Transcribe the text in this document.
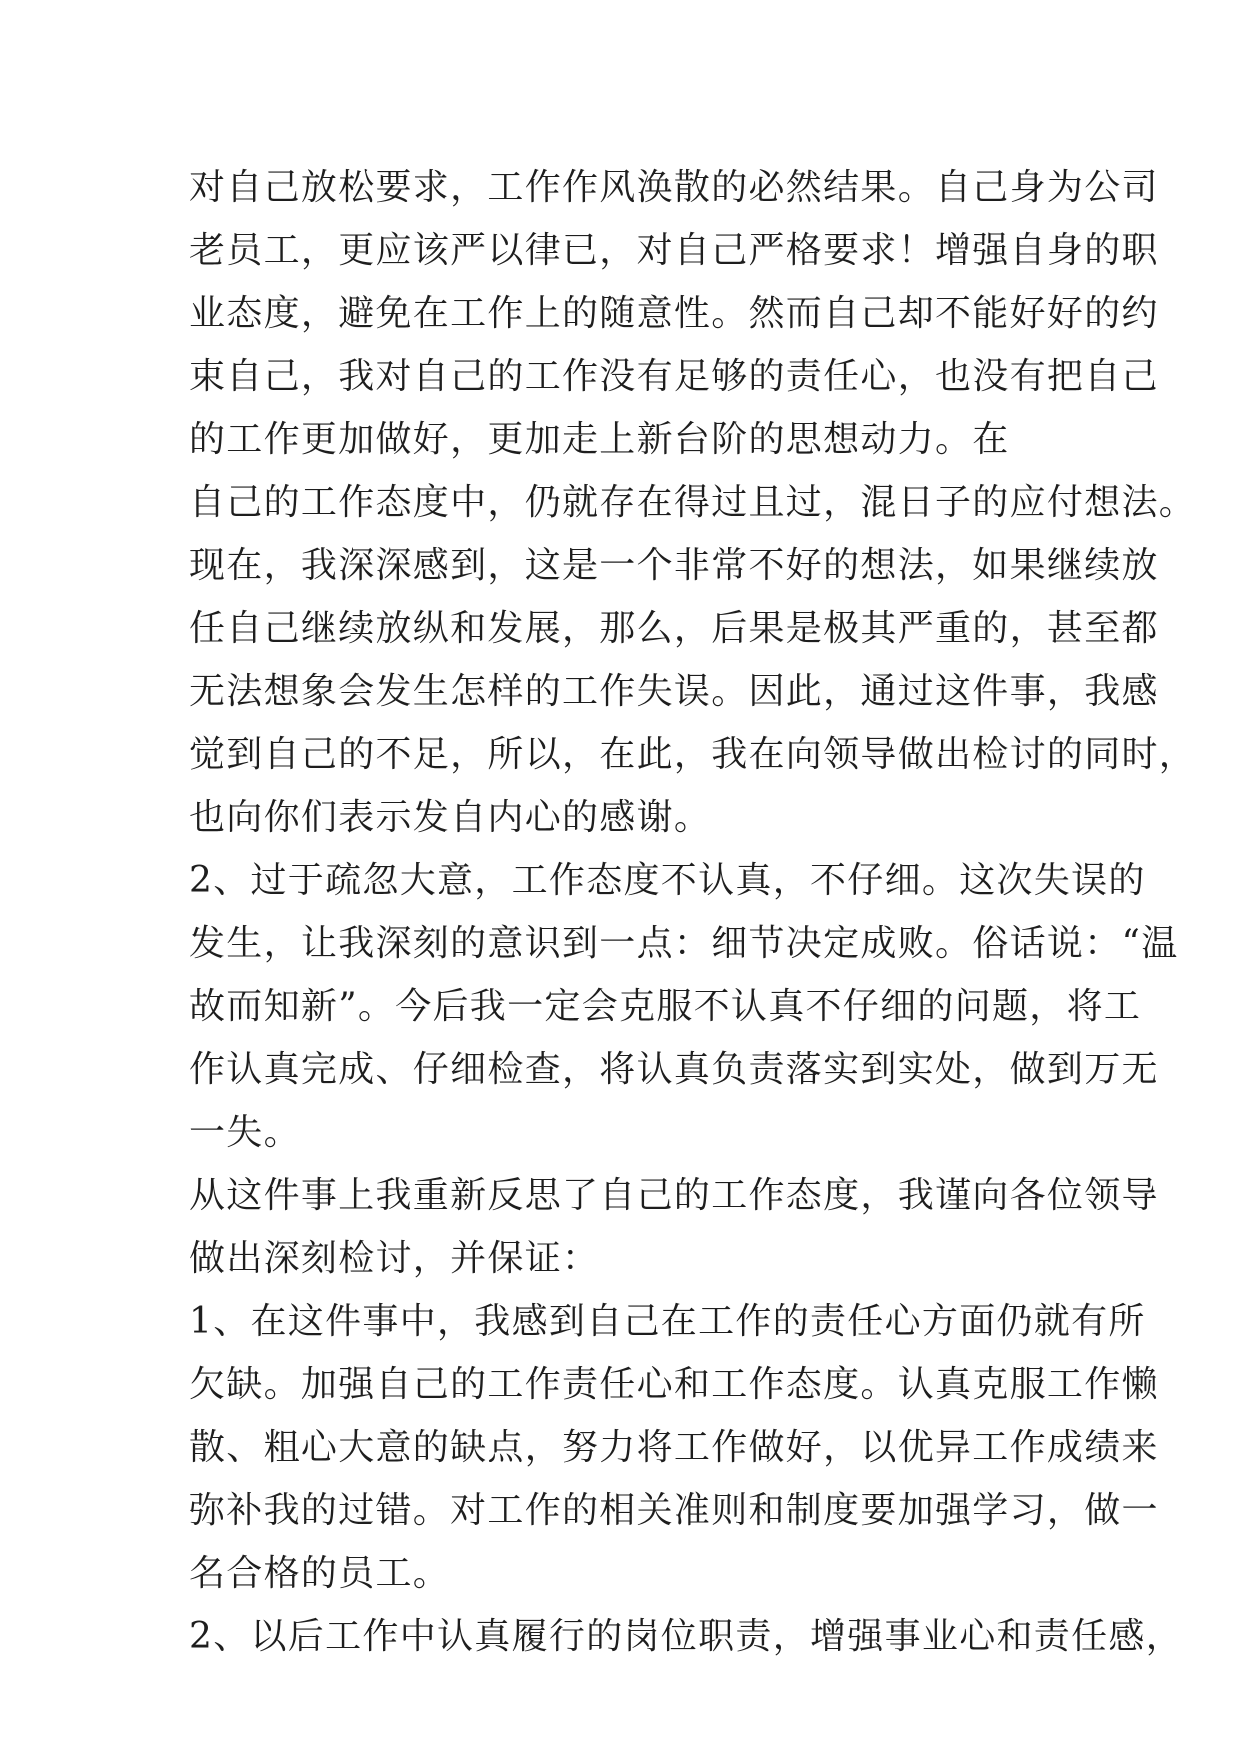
对自己放松要求，工作作风涣散的必然结果。自己身为公司
老员工，更应该严以律已，对自己严格要求！增强自身的职
业态度，避免在工作上的随意性。然而自己却不能好好的约
束自己，我对自己的工作没有足够的责任心，也没有把自己
的工作更加做好，更加走上新台阶的思想动力。在
自己的工作态度中，仍就存在得过且过，混日子的应付想法。
现在，我深深感到，这是一个非常不好的想法，如果继续放
任自己继续放纵和发展，那么，后果是极其严重的，甚至都
无法想象会发生怎样的工作失误。因此，通过这件事，我感
觉到自己的不足，所以，在此，我在向领导做出检讨的同时，
也向你们表示发自内心的感谢。
2、过于疏忽大意，工作态度不认真，不仔细。这次失误的
发生，让我深刻的意识到一点：细节决定成败。俗话说：“温
故而知新”。今后我一定会克服不认真不仔细的问题，将工
作认真完成、仔细检查，将认真负责落实到实处，做到万无
一失。
从这件事上我重新反思了自己的工作态度，我谨向各位领导
做出深刻检讨，并保证：
1、在这件事中，我感到自己在工作的责任心方面仍就有所
欠缺。加强自己的工作责任心和工作态度。认真克服工作懒
散、粗心大意的缺点，努力将工作做好，以优异工作成绩来
弥补我的过错。对工作的相关准则和制度要加强学习，做一
名合格的员工。
2、以后工作中认真履行的岗位职责，增强事业心和责任感，
